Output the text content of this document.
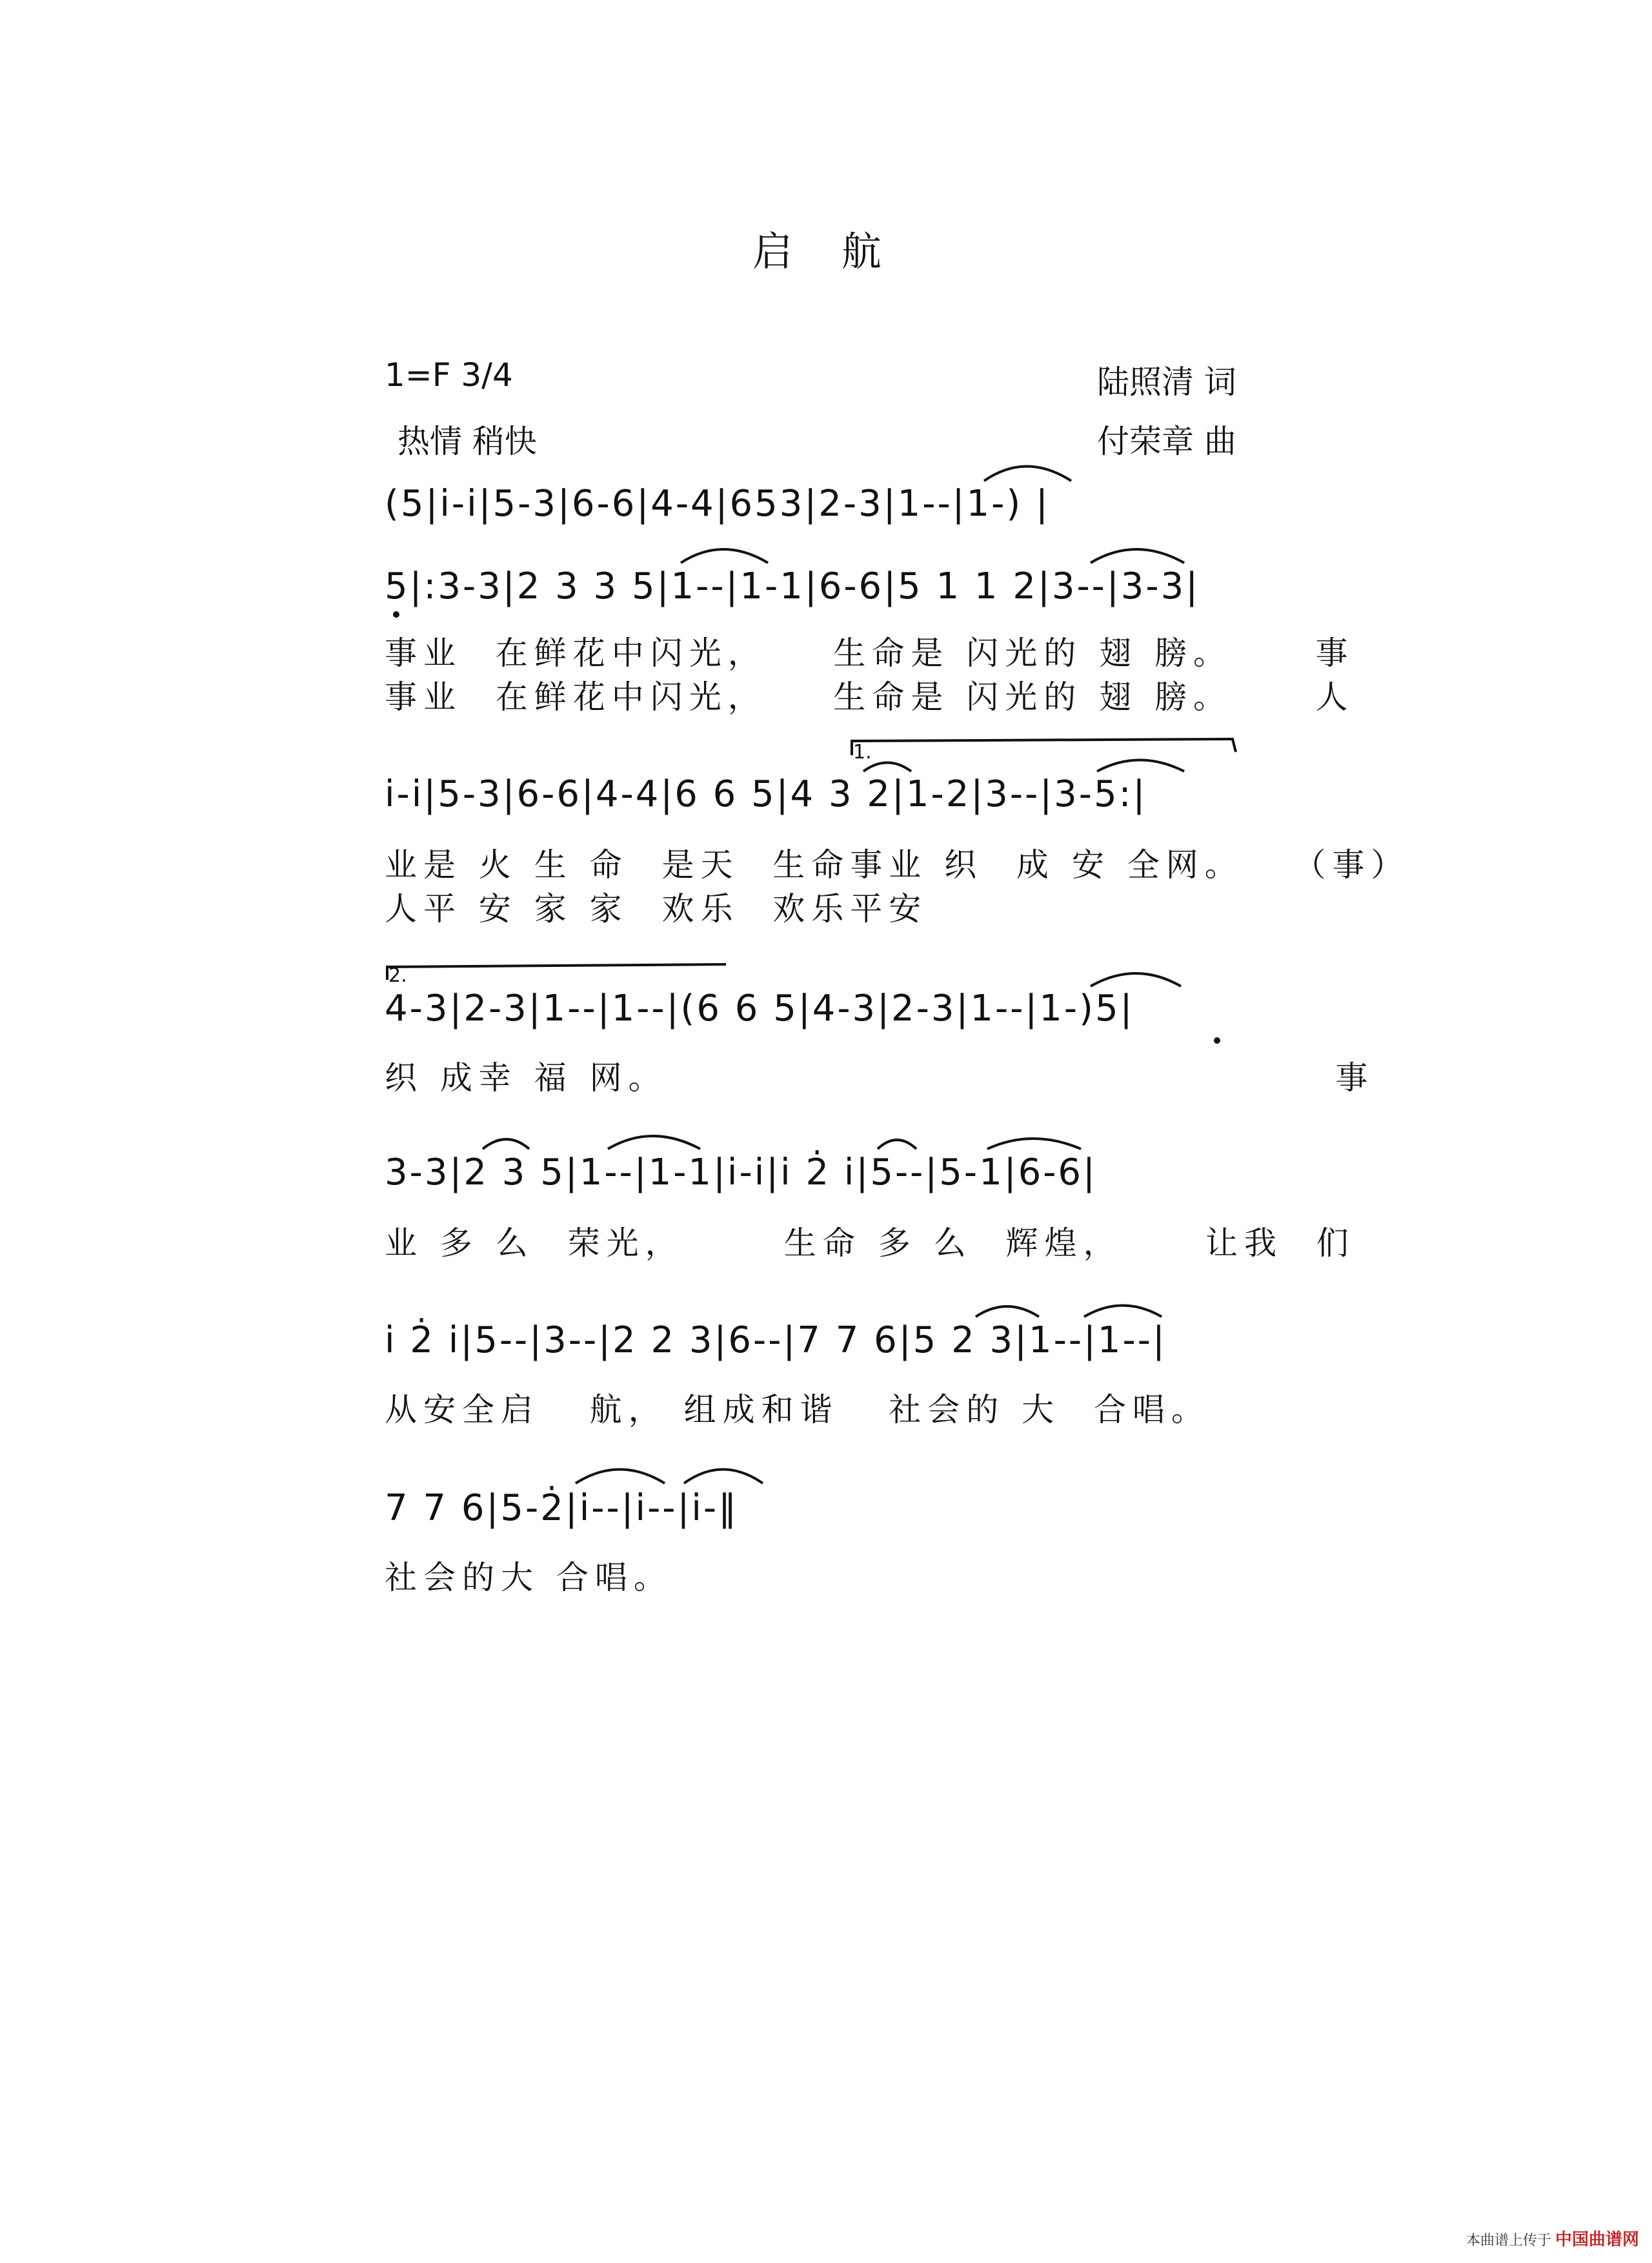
启 航
1=F 3/4
热情 稍快
陆照清 词
付荣章 曲
(5|i̇-i̇|5-3|6-6|4-4|653|2-3|1--|1-) |
5|:3-3|2 3 3 5|1--|1-1|6-6|5 1 1 2|3--|3-3|
事业  在鲜花中闪光，    生命是 闪光的 翅 膀。     事
事业  在鲜花中闪光，    生命是 闪光的 翅 膀。     人
1.
i̇-i̇|5-3|6-6|4-4|6 6 5|4 3 2|1-2|3--|3-5:|
业是 火 生 命  是天  生命事业 织  成 安 全网。   （事）
人平 安 家 家  欢乐  欢乐平安
2.
4-3|2-3|1--|1--|(6 6 5|4-3|2-3|1--|1-)5|
织 成幸 福 网。                                        事
3-3|2 3 5|1--|1-1|i̇-i̇|i̇ 2̇ i̇|5--|5-1|6-6|
业 多 么  荣光，      生命 多 么  辉煌，     让我  们
i̇ 2̇ i̇|5--|3--|2 2 3|6--|7 7 6|5 2 3|1--|1--|
从安全启   航， 组成和谐   社会的 大  合唱。
7 7 6|5-2̇|i̇--|i̇--|i̇-‖
社会的大 合唱。
本曲谱上传于 中国曲谱网
